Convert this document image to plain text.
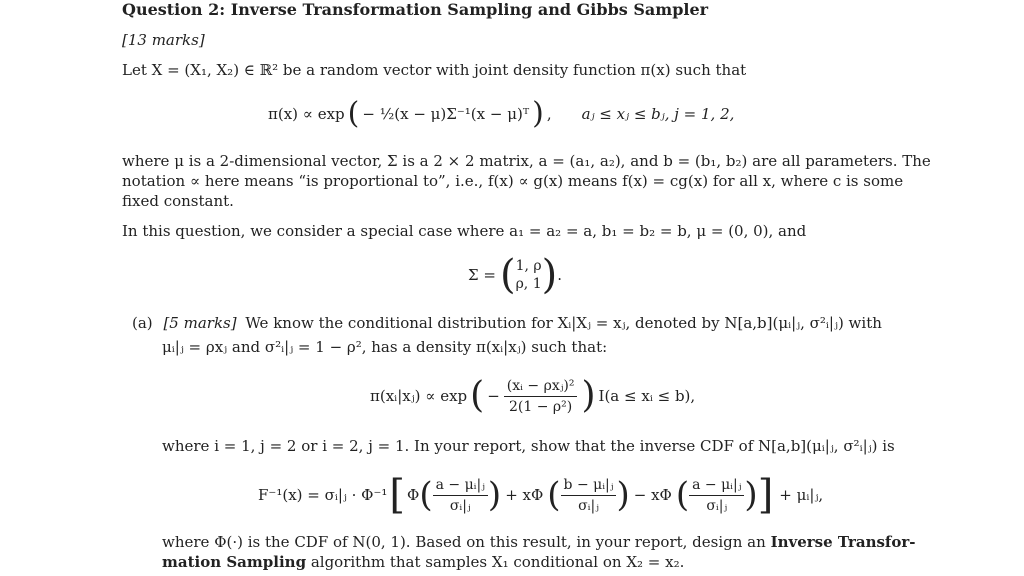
Question 2: Inverse Transformation Sampling and Gibbs Sampler
[13 marks]
Let X = (X₁, X₂) ∈ ℝ² be a random vector with joint density function π(x) such that
π(x) ∝ exp ( − ½(x − μ)Σ⁻¹(x − μ)ᵀ ) , aⱼ ≤ xⱼ ≤ bⱼ, j = 1, 2,
where μ is a 2-dimensional vector, Σ is a 2 × 2 matrix, a = (a₁, a₂), and b = (b₁, b₂) are all parameters. The
notation ∝ here means “is proportional to”, i.e., f(x) ∝ g(x) means f(x) = cg(x) for all x, where c is some
fixed constant.
In this question, we consider a special case where a₁ = a₂ = a, b₁ = b₂ = b, μ = (0, 0), and
Σ = ( 1, ρ
ρ, 1 ) .
(a) [5 marks] We know the conditional distribution for Xᵢ|Xⱼ = xⱼ, denoted by N[a,b](μᵢ|ⱼ, σ²ᵢ|ⱼ) with
μᵢ|ⱼ = ρxⱼ and σ²ᵢ|ⱼ = 1 − ρ², has a density π(xᵢ|xⱼ) such that:
π(xᵢ|xⱼ) ∝ exp ( − $\frac{\text{(xᵢ − ρxⱼ)²}}{\text{2(1 − ρ²)}}$ ) I(a ≤ xᵢ ≤ b),
where i = 1, j = 2 or i = 2, j = 1. In your report, show that the inverse CDF of N[a,b](μᵢ|ⱼ, σ²ᵢ|ⱼ) is
F⁻¹(x) = σᵢ|ⱼ · Φ⁻¹ [ Φ ( $\frac{\text{a − μᵢ|ⱼ}}{\text{σᵢ|ⱼ}}$ ) + xΦ ( $\frac{\text{b − μᵢ|ⱼ}}{\text{σᵢ|ⱼ}}$ ) − xΦ ( $\frac{\text{a − μᵢ|ⱼ}}{\text{σᵢ|ⱼ}}$ ) ] + μᵢ|ⱼ,
where Φ(·) is the CDF of N(0, 1). Based on this result, in your report, design an Inverse Transfor-
mation Sampling algorithm that samples X₁ conditional on X₂ = x₂.
